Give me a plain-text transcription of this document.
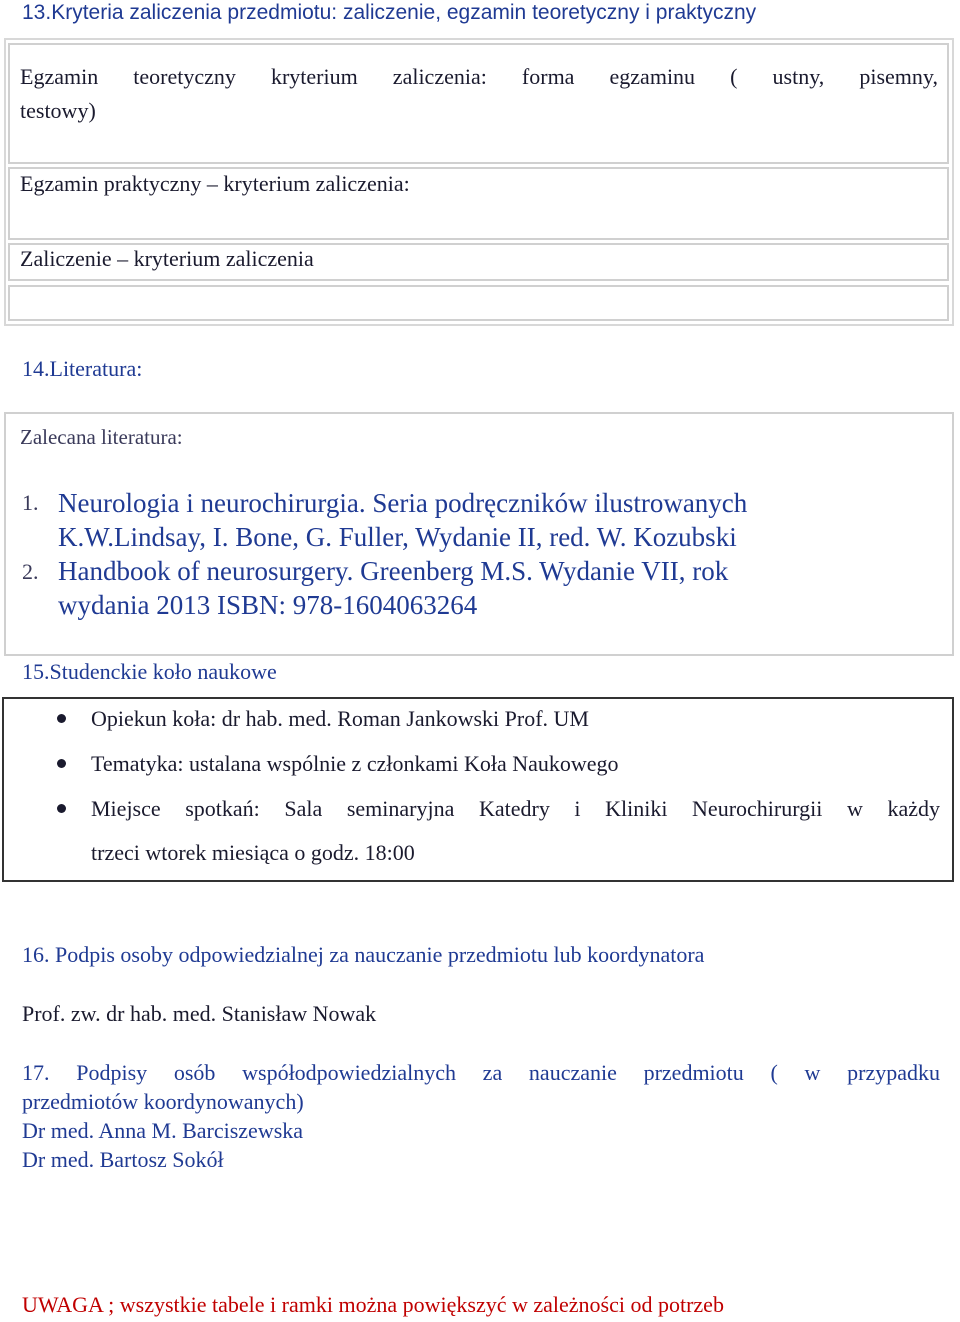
13.Kryteria zaliczenia przedmiotu: zaliczenie, egzamin teoretyczny i praktyczny
Egzamin teoretyczny kryterium zaliczenia: forma egzaminu ( ustny, pisemny,
testowy)
Egzamin praktyczny – kryterium zaliczenia:
Zaliczenie – kryterium zaliczenia
14.Literatura:
Zalecana literatura:
1. Neurologia i neurochirurgia. Seria podręczników ilustrowanych
K.W.Lindsay, I. Bone, G. Fuller, Wydanie II, red. W. Kozubski
2. Handbook of neurosurgery. Greenberg M.S. Wydanie VII, rok
wydania 2013 ISBN: 978-1604063264
15.Studenckie koło naukowe
Opiekun koła: dr hab. med. Roman Jankowski Prof. UM
Tematyka: ustalana wspólnie z członkami Koła Naukowego
Miejsce spotkań: Sala seminaryjna Katedry i Kliniki Neurochirurgii w każdy
trzeci wtorek miesiąca o godz. 18:00
16. Podpis osoby odpowiedzialnej za nauczanie przedmiotu lub koordynatora
Prof. zw. dr hab. med. Stanisław Nowak
17. Podpisy osób współodpowiedzialnych za nauczanie przedmiotu ( w przypadku
przedmiotów koordynowanych)
Dr med. Anna M. Barciszewska
Dr med. Bartosz Sokół
UWAGA ; wszystkie tabele i ramki można powiększyć w zależności od potrzeb
